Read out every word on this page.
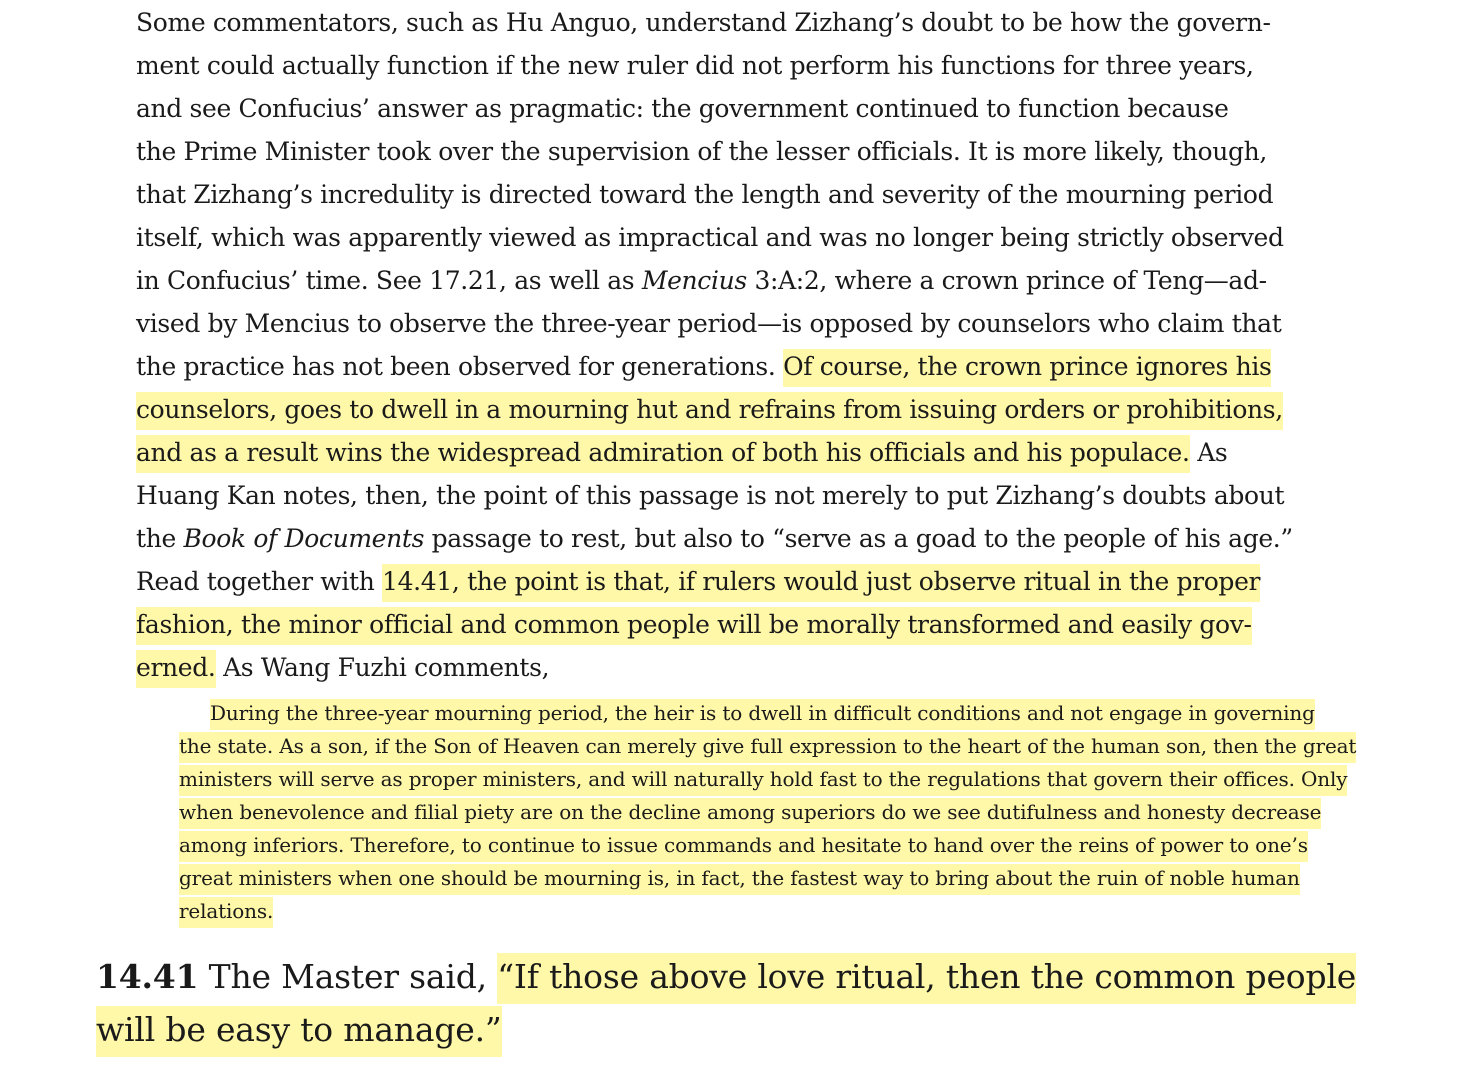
Some commentators, such as Hu Anguo, understand Zizhang’s doubt to be how the govern-
ment could actually function if the new ruler did not perform his functions for three years,
and see Confucius’ answer as pragmatic: the government continued to function because
the Prime Minister took over the supervision of the lesser officials. It is more likely, though,
that Zizhang’s incredulity is directed toward the length and severity of the mourning period
itself, which was apparently viewed as impractical and was no longer being strictly observed
in Confucius’ time. See 17.21, as well as Mencius 3:A:2, where a crown prince of Teng—ad-
vised by Mencius to observe the three-year period—is opposed by counselors who claim that
the practice has not been observed for generations. Of course, the crown prince ignores his
counselors, goes to dwell in a mourning hut and refrains from issuing orders or prohibitions,
and as a result wins the widespread admiration of both his officials and his populace. As
Huang Kan notes, then, the point of this passage is not merely to put Zizhang’s doubts about
the Book of Documents passage to rest, but also to “serve as a goad to the people of his age.”
Read together with 14.41, the point is that, if rulers would just observe ritual in the proper
fashion, the minor official and common people will be morally transformed and easily gov-
erned. As Wang Fuzhi comments,
During the three-year mourning period, the heir is to dwell in difficult conditions and not engage in governing
the state. As a son, if the Son of Heaven can merely give full expression to the heart of the human son, then the great
ministers will serve as proper ministers, and will naturally hold fast to the regulations that govern their offices. Only
when benevolence and filial piety are on the decline among superiors do we see dutifulness and honesty decrease
among inferiors. Therefore, to continue to issue commands and hesitate to hand over the reins of power to one’s
great ministers when one should be mourning is, in fact, the fastest way to bring about the ruin of noble human
relations.
14.41 The Master said, “If those above love ritual, then the common people
will be easy to manage.”
